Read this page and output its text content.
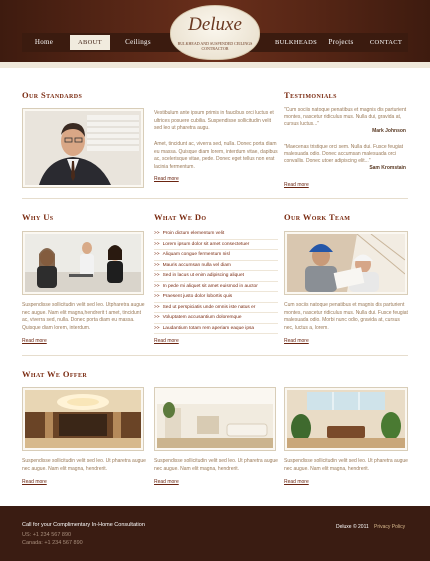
Home	ABOUT	Ceilings	BULKHEADS	Projects	CONTACT
Deluxe
BULKHEAD AND SUSPENDED CEILINGS CONTRACTOR
Our Standards
Vestibulum ante ipsum primis in faucibus orci luctus et ultrices posuere cubilia. Suspendisse sollicitudin velit sed leo ut pharetra augu.
Amet, tincidunt ac, viverra sed, nulla. Donec porta diam eu massa. Quisque diam lorem, interdum vitae, dapibus ac, scelerisque vitae, pede. Donec eget tellus non erat lacinia fermentum.
Read more
Testimonials
"Cum sociis natoque penatibus et magnis dis parturient montes, nascetur ridiculus mus. Nulla dui, gravida at, cursus luctus..."
Mark Johnson
"Maecenas tristique orci sem. Nulla dui. Fusce feugiat malesuada odio. Donec accumsan malesuada orci convallis. Donec utoer adipiscing elit..."
Sam Kromstain
Read more
Why Us
Suspendisse sollicitudin velit sed leo. Utpharetra augue nec augue. Nam elit magna,hendrerit t amet, tincidunt ac, viverra sed, nulla. Donec porta diam eu massa. Quisque diam lorem, interdum.
Read more
What We Do
>> Proin dictum elementum velit
>> Lorem ipsum dolor sit amet consectetuer
>> Aliquam congue fermentum nisl
>> Mauris accumsan nulla vel diam
>> Sed in lacus ut enim adipiscing aliquet
>> In pede mi aliquet sit amet euismod in auctor
>> Praesent justo dolor lobortis quis
>> Sed ut perspiciatis unde omnis iste natus er
>> Voluptatem accusantium doloremque
>> Laudantium totam rem aperiam eaque ipsa
Read more
Our Work Team
Cum sociis natoque penatibus et magnis dis parturient montes, nascetur ridiculus mus. Nulla dui. Fusce feugiat malesuada odio. Morbi nunc odio, gravida at, cursus nec, luctus a, lorem.
Read more
What We Offer
Suspendisse sollicitudin velit sed leo. Ut pharetra augue nec augue. Nam elit magna, hendrerit.
Read more
Suspendisse sollicitudin velit sed leo. Ut pharetra augue nec augue. Nam elit magna, hendrerit.
Read more
Suspendisse sollicitudin velit sed leo. Ut pharetra augue nec augue. Nam elit magna, hendrerit.
Read more
Call for your Complimentary In-Home Consultation
US: +1 234 567 890
Canada: +1 234 567 890
Deluxe © 2011 Privacy Policy
